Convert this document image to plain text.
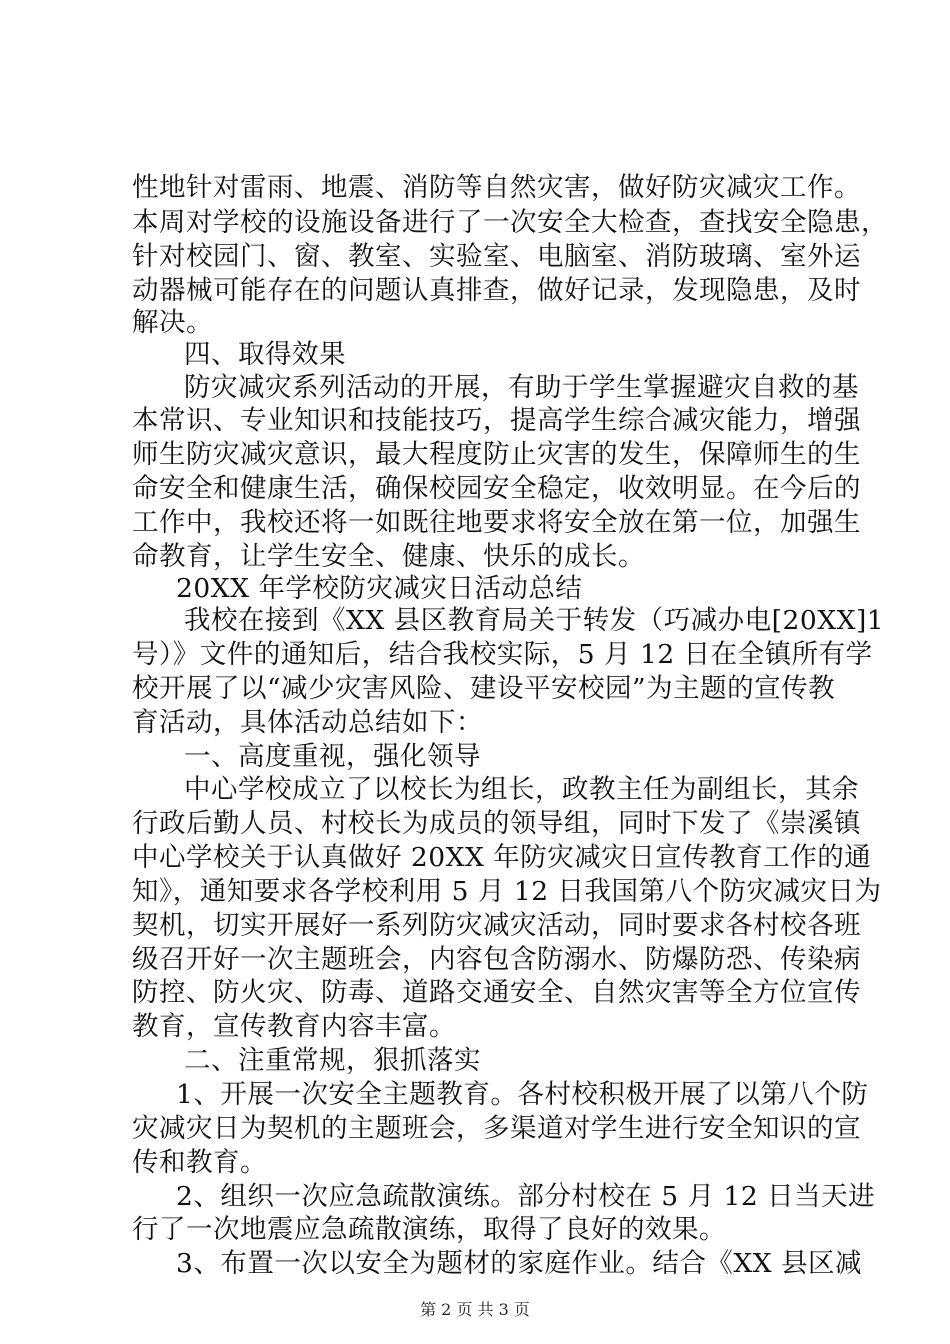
性地针对雷雨、地震、消防等自然灾害，做好防灾减灾工作。
本周对学校的设施设备进行了一次安全大检查，查找安全隐患，
针对校园门、窗、教室、实验室、电脑室、消防玻璃、室外运
动器械可能存在的问题认真排查，做好记录，发现隐患，及时
解决。
四、取得效果
防灾减灾系列活动的开展，有助于学生掌握避灾自救的基
本常识、专业知识和技能技巧，提高学生综合减灾能力，增强
师生防灾减灾意识，最大程度防止灾害的发生，保障师生的生
命安全和健康生活，确保校园安全稳定，收效明显。在今后的
工作中，我校还将一如既往地要求将安全放在第一位，加强生
命教育，让学生安全、健康、快乐的成长。
20XX 年学校防灾减灾日活动总结
我校在接到《XX 县区教育局关于转发（巧减办电[20XX]1
号）》文件的通知后，结合我校实际，5 月 12 日在全镇所有学
校开展了以“减少灾害风险、建设平安校园”为主题的宣传教
育活动，具体活动总结如下：
一、高度重视，强化领导
中心学校成立了以校长为组长，政教主任为副组长，其余
行政后勤人员、村校长为成员的领导组，同时下发了《崇溪镇
中心学校关于认真做好 20XX 年防灾减灾日宣传教育工作的通
知》，通知要求各学校利用 5 月 12 日我国第八个防灾减灾日为
契机，切实开展好一系列防灾减灾活动，同时要求各村校各班
级召开好一次主题班会，内容包含防溺水、防爆防恐、传染病
防控、防火灾、防毒、道路交通安全、自然灾害等全方位宣传
教育，宣传教育内容丰富。
二、注重常规，狠抓落实
1、开展一次安全主题教育。各村校积极开展了以第八个防
灾减灾日为契机的主题班会，多渠道对学生进行安全知识的宣
传和教育。
2、组织一次应急疏散演练。部分村校在 5 月 12 日当天进
行了一次地震应急疏散演练，取得了良好的效果。
3、布置一次以安全为题材的家庭作业。结合《XX 县区减
第 2 页 共 3 页
